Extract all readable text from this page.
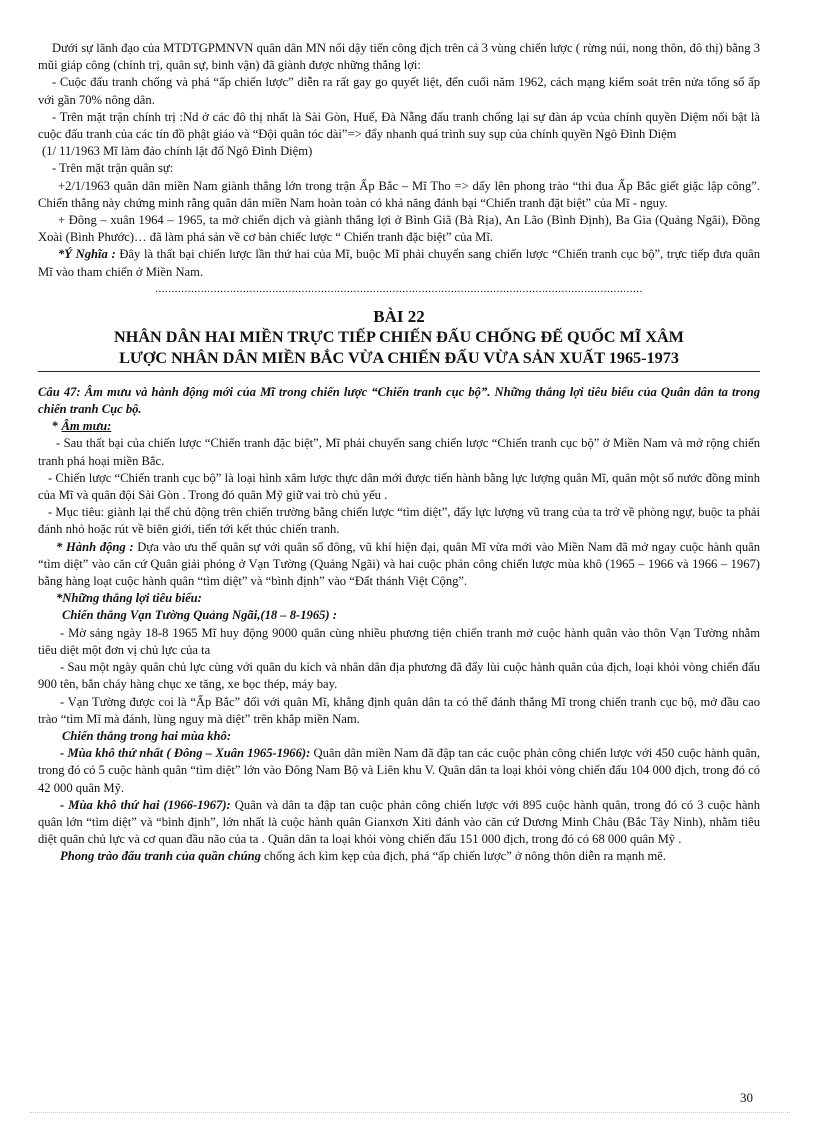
Dưới sự lãnh đạo của MTDTGPMNVN quân dân MN nổi dậy tiến công địch trên cả 3 vùng chiến lược ( rừng núi, nong thôn, đô thị) bằng 3 mũi giáp công (chính trị, quân sự, binh vận) đã giành được những thắng lợi:

- Cuộc đấu tranh chống và phá “ấp chiến lược” diễn ra rất gay go quyết liệt, đến cuối năm 1962, cách mạng kiểm soát trên nửa tổng số ấp với gần 70% nông dân.

- Trên mặt trận chính trị :Nd ở các đô thị nhất là Sài Gòn, Huế, Đà Nẵng đấu tranh chống lại sự đàn áp vcủa chính quyền Diệm nổi bật là cuộc đấu tranh của các tín đồ phật giáo và “Đội quân tóc dài”=> đẩy nhanh quá trình suy sụp của chính quyền Ngô Đình Diệm

(1/ 11/1963 Mĩ làm đảo chính lật đổ Ngô Đình Diệm)

- Trên mặt trận quân sự:

+2/1/1963 quân dân miền Nam giành thắng lớn trong trận Ấp Bắc – Mĩ Tho => dấy lên phong trào “thi đua Ấp Bắc giết giặc lập công”. Chiến thắng này chứng minh rằng quân dân miền Nam hoàn toàn có khả năng đánh bại “Chiến tranh đặt biệt” của Mĩ - nguy.

+ Đông – xuân 1964 – 1965, ta mở chiến dịch và giành thắng lợi ở Bình Giã (Bà Rịa), An Lão (Bình Định), Ba Gia (Quảng Ngãi), Đồng Xoài (Bình Phước)… đã làm phá sản về cơ bản chiếc lược “ Chiến tranh đặc biệt” của Mĩ.

*Ý Nghĩa : Đây là thất bại chiến lược lần thứ hai của Mĩ, buộc Mĩ phải chuyển sang chiến lược “Chiến tranh cục bộ”, trực tiếp đưa quân Mĩ vào tham chiến ở Miền Nam.

......................................................................................................................................................

BÀI 22

NHÂN DÂN HAI MIỀN TRỰC TIẾP CHIẾN ĐẤU CHỐNG ĐẾ QUỐC MĨ XÂM

LƯỢC NHÂN DÂN MIỀN BẮC VỪA CHIẾN ĐẤU VỪA SẢN XUẤT 1965-1973

Câu 47: Âm mưu và hành động mới của Mĩ trong chiến lược “Chiến tranh cục bộ”. Những thắng lợi tiêu biểu của Quân dân ta trong chiến tranh Cục bộ.

* Âm mưu:

- Sau thất bại của chiến lược “Chiến tranh đặc biệt”, Mĩ phải chuyển sang chiến lược “Chiến tranh cục bộ” ở Miền Nam và mở rộng chiến tranh phá hoại miền Bắc.

- Chiến lược “Chiến tranh cục bộ” là loại hình xâm lược thực dân mới được tiến hành bằng lực lượng quân Mĩ, quân một số nước đồng minh của Mĩ và quân đội Sài Gòn . Trong đó quân Mỹ giữ vai trò chủ yếu .

- Mục tiêu: giành lại thế chủ động trên chiến trường bằng chiến lược “tìm diệt”, đẩy lực lượng vũ trang của ta trở về phòng ngự, buộc ta phải đánh nhỏ hoặc rút về biên giới, tiến tới kết thúc chiến tranh.

* Hành động : Dựa vào ưu thế quân sự với quân số đông, vũ khí hiện đại, quân Mĩ vừa mới vào Miền Nam đã mở ngay cuộc hành quân “tìm diệt” vào căn cứ Quân giải phóng ở Vạn Tường (Quảng Ngãi) và hai cuộc phản công chiến lược mùa khô (1965 – 1966 và 1966 – 1967) bằng hàng loạt cuộc hành quân “tìm diệt” và “bình định” vào “Đất thánh Việt Cộng”.

*Những thắng lợi tiêu biểu:

Chiến thắng Vạn Tường Quảng Ngãi,(18 – 8-1965) :

- Mờ sáng ngày 18-8 1965 Mĩ huy động 9000 quân cùng nhiều phương tiện chiến tranh mở cuộc hành quân vào thôn Vạn Tường nhằm tiêu diệt một đơn vị chủ lực của ta

- Sau một ngày quân chủ lực cùng với quân du kích và nhân dân địa phương đã đẩy lùi cuộc hành quân của địch, loại khỏi vòng chiến đấu 900 tên, bắn cháy hàng chục xe tăng, xe bọc thép, máy bay.

- Vạn Tường được coi là “Ấp Bắc” đối với quân Mĩ, khẳng định quân dân ta có thể đánh thắng Mĩ trong chiến tranh cục bộ, mở đầu cao trào “tìm Mĩ mà đánh, lùng nguy mà diệt” trên khắp miền Nam.

Chiến thắng trong hai mùa khô:

- Mùa khô thứ nhất ( Đông – Xuân 1965-1966): Quân dân miền Nam đã đập tan các cuộc phản công chiến lược với 450 cuộc hành quân, trong đó có 5 cuộc hành quân “tìm diệt” lớn vào Đông Nam Bộ và Liên khu V. Quân dân ta loại khỏi vòng chiến đấu 104 000 địch, trong đó có 42 000 quân Mỹ.

- Mùa khô thứ hai (1966-1967): Quân và dân ta đập tan cuộc phản công chiến lược với 895 cuộc hành quân, trong đó có 3 cuộc hành quân lớn “tìm diệt” và “bình định”, lớn nhất là cuộc hành quân Gianxơn Xiti đánh vào căn cứ Dương Minh Châu (Bắc Tây Ninh), nhằm tiêu diệt quân chủ lực và cơ quan đầu não của ta . Quân dân ta loại khỏi vòng chiến đấu 151 000 địch, trong đó có 68 000 quân Mỹ .

Phong trào đấu tranh của quần chúng chống ách kìm kẹp của địch, phá “ấp chiến lược” ở nông thôn diễn ra mạnh mẽ.

30
